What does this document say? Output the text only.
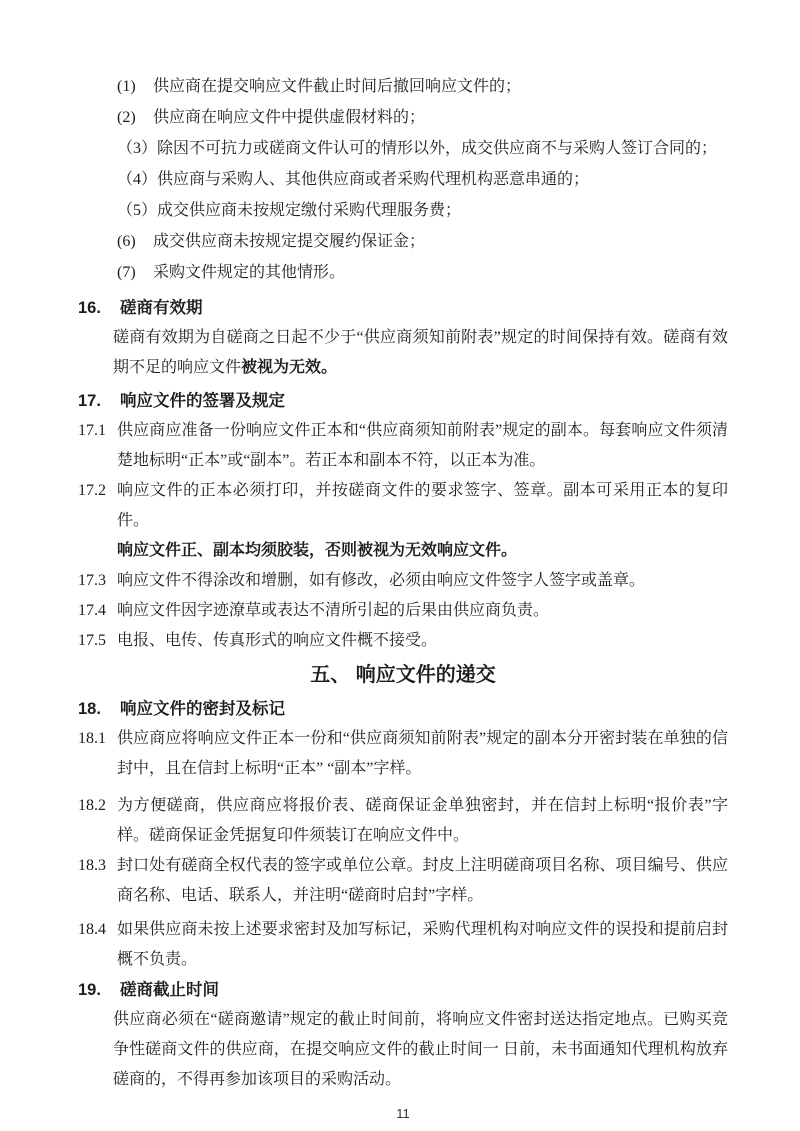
(1) 供应商在提交响应文件截止时间后撤回响应文件的；
(2) 供应商在响应文件中提供虚假材料的；
（3）除因不可抗力或磋商文件认可的情形以外，成交供应商不与采购人签订合同的；
（4）供应商与采购人、其他供应商或者采购代理机构恶意串通的；
（5）成交供应商未按规定缴付采购代理服务费；
(6) 成交供应商未按规定提交履约保证金；
(7) 采购文件规定的其他情形。
16.	磋商有效期
磋商有效期为自磋商之日起不少于“供应商须知前附表”规定的时间保持有效。磋商有效期不足的响应文件被视为无效。
17.	响应文件的签署及规定
17.1 供应商应准备一份响应文件正本和“供应商须知前附表”规定的副本。每套响应文件须清楚地标明“正本”或“副本”。若正本和副本不符，以正本为准。
17.2 响应文件的正本必须打印，并按磋商文件的要求签字、签章。副本可采用正本的复印件。
响应文件正、副本均须胶装，否则被视为无效响应文件。
17.3 响应文件不得涂改和增删，如有修改，必须由响应文件签字人签字或盖章。
17.4 响应文件因字迹潦草或表达不清所引起的后果由供应商负责。
17.5 电报、电传、传真形式的响应文件概不接受。
五、 响应文件的递交
18.	响应文件的密封及标记
18.1 供应商应将响应文件正本一份和“供应商须知前附表”规定的副本分开密封装在单独的信封中，且在信封上标明“正本” “副本”字样。
18.2 为方便磋商，供应商应将报价表、磋商保证金单独密封，并在信封上标明“报价表”字样。磋商保证金凭据复印件须装订在响应文件中。
18.3 封口处有磋商全权代表的签字或单位公章。封皮上注明磋商项目名称、项目编号、供应商名称、电话、联系人，并注明“磋商时启封”字样。
18.4 如果供应商未按上述要求密封及加写标记，采购代理机构对响应文件的误投和提前启封概不负责。
19.	磋商截止时间
供应商必须在“磋商邀请”规定的截止时间前，将响应文件密封送达指定地点。已购买竞争性磋商文件的供应商，在提交响应文件的截止时间一 日前，未书面通知代理机构放弃磋商的，不得再参加该项目的采购活动。
11
